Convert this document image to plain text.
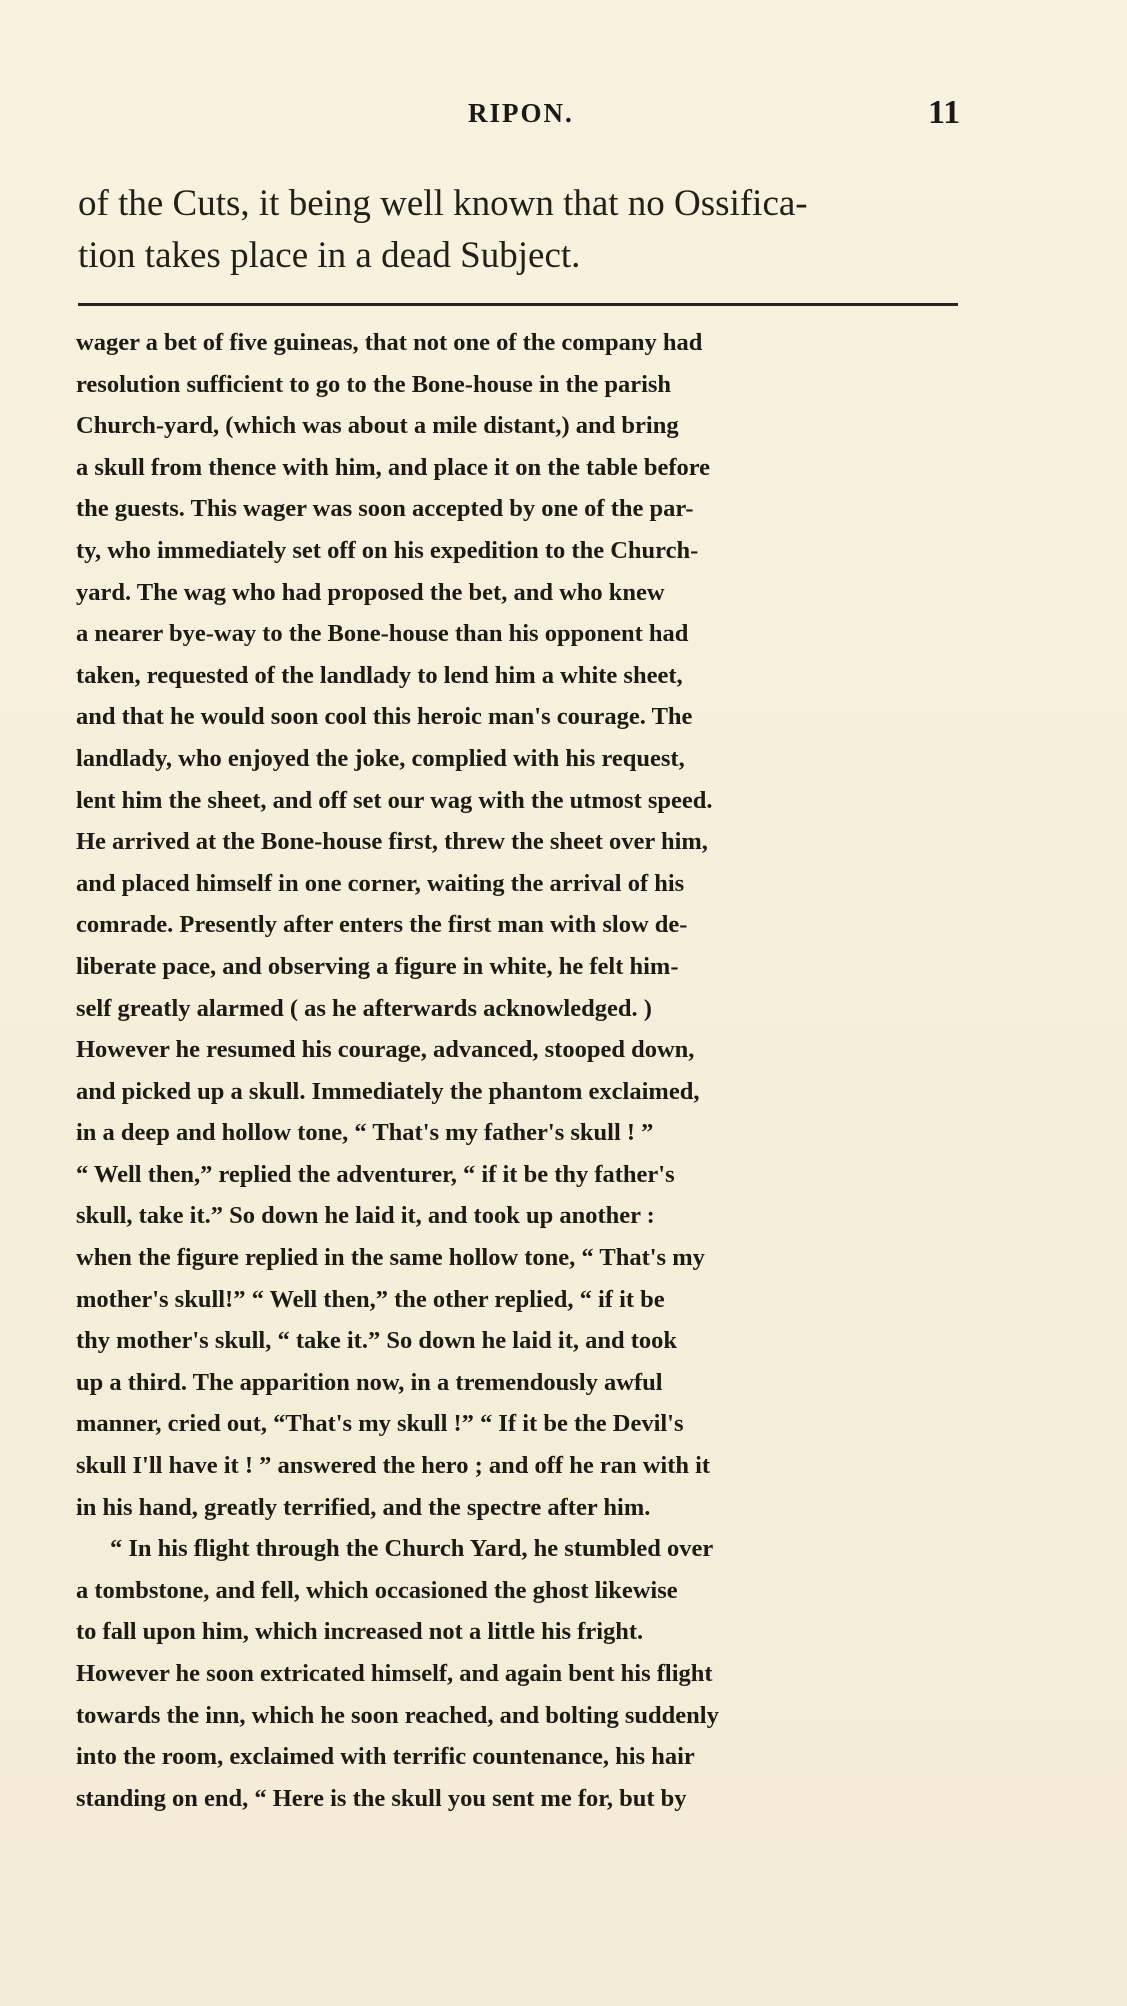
RIPON.	11

of the Cuts, it being well known that no Ossifica-
tion takes place in a dead Subject.

wager a bet of five guineas, that not one of the company had
resolution sufficient to go to the Bone-house in the parish
Church-yard, (which was about a mile distant,) and bring
a skull from thence with him, and place it on the table before
the guests. This wager was soon accepted by one of the par-
ty, who immediately set off on his expedition to the Church-
yard. The wag who had proposed the bet, and who knew
a nearer bye-way to the Bone-house than his opponent had
taken, requested of the landlady to lend him a white sheet,
and that he would soon cool this heroic man's courage. The
landlady, who enjoyed the joke, complied with his request,
lent him the sheet, and off set our wag with the utmost speed.
He arrived at the Bone-house first, threw the sheet over him,
and placed himself in one corner, waiting the arrival of his
comrade. Presently after enters the first man with slow de-
liberate pace, and observing a figure in white, he felt him-
self greatly alarmed ( as he afterwards acknowledged. )
However he resumed his courage, advanced, stooped down,
and picked up a skull. Immediately the phantom exclaimed,
in a deep and hollow tone, “ That's my father's skull ! ”
“ Well then,” replied the adventurer, “ if it be thy father's
skull, take it.” So down he laid it, and took up another :
when the figure replied in the same hollow tone, “ That's my
mother's skull!” “ Well then,” the other replied, “ if it be
thy mother's skull, “ take it.” So down he laid it, and took
up a third. The apparition now, in a tremendously awful
manner, cried out, “That's my skull !” “ If it be the Devil's
skull I'll have it ! ” answered the hero ; and off he ran with it
in his hand, greatly terrified, and the spectre after him.
“ In his flight through the Church Yard, he stumbled over
a tombstone, and fell, which occasioned the ghost likewise
to fall upon him, which increased not a little his fright.
However he soon extricated himself, and again bent his flight
towards the inn, which he soon reached, and bolting suddenly
into the room, exclaimed with terrific countenance, his hair
standing on end, “ Here is the skull you sent me for, but by
